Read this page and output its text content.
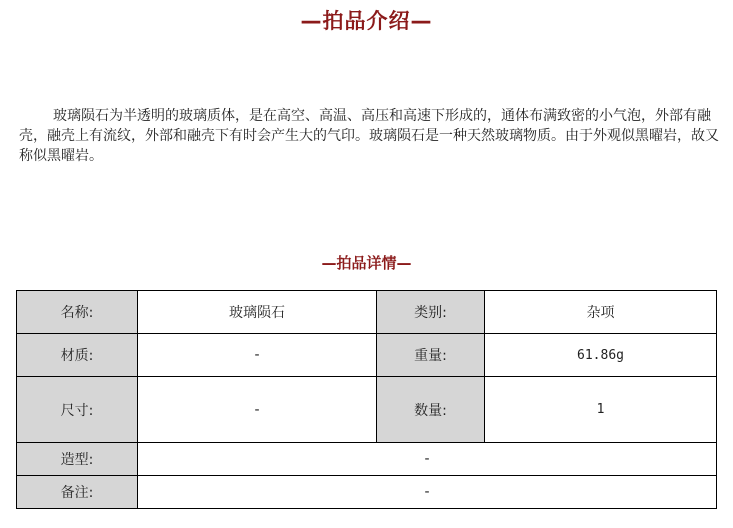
—拍品介绍—

玻璃陨石为半透明的玻璃质体，是在高空、高温、高压和高速下形成的，通体布满致密的小气泡，外部有融壳，融壳上有流纹，外部和融壳下有时会产生大的气印。玻璃陨石是一种天然玻璃物质。由于外观似黑曜岩，故又称似黑曜岩。

—拍品详情—
名称:	玻璃陨石	类别:	杂项
材质:	-	重量:	61.86g
尺寸:	-	数量:	1
造型:	-		
备注:	-		
